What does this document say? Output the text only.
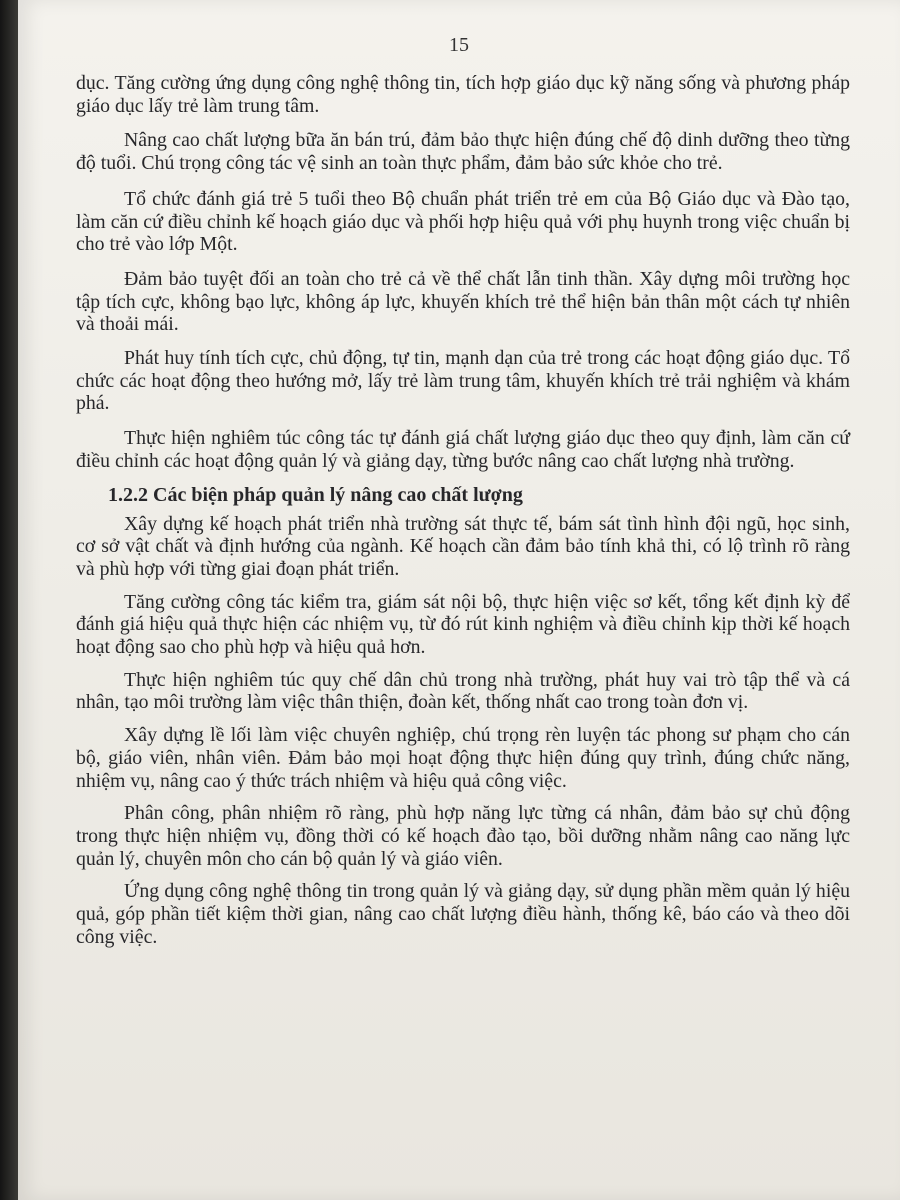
15

dục. Tăng cường ứng dụng công nghệ thông tin, tích hợp giáo dục kỹ năng sống và phương pháp giáo dục lấy trẻ làm trung tâm.

Nâng cao chất lượng bữa ăn bán trú, đảm bảo thực hiện đúng chế độ dinh dưỡng theo từng độ tuổi. Chú trọng công tác vệ sinh an toàn thực phẩm, đảm bảo sức khỏe cho trẻ.

Tổ chức đánh giá trẻ 5 tuổi theo Bộ chuẩn phát triển trẻ em của Bộ Giáo dục và Đào tạo, làm căn cứ điều chỉnh kế hoạch giáo dục và phối hợp hiệu quả với phụ huynh trong việc chuẩn bị cho trẻ vào lớp Một.

Đảm bảo tuyệt đối an toàn cho trẻ cả về thể chất lẫn tinh thần. Xây dựng môi trường học tập tích cực, không bạo lực, không áp lực, khuyến khích trẻ thể hiện bản thân một cách tự nhiên và thoải mái.

Phát huy tính tích cực, chủ động, tự tin, mạnh dạn của trẻ trong các hoạt động giáo dục. Tổ chức các hoạt động theo hướng mở, lấy trẻ làm trung tâm, khuyến khích trẻ trải nghiệm và khám phá.

Thực hiện nghiêm túc công tác tự đánh giá chất lượng giáo dục theo quy định, làm căn cứ điều chỉnh các hoạt động quản lý và giảng dạy, từng bước nâng cao chất lượng nhà trường.

1.2.2 Các biện pháp quản lý nâng cao chất lượng

Xây dựng kế hoạch phát triển nhà trường sát thực tế, bám sát tình hình đội ngũ, học sinh, cơ sở vật chất và định hướng của ngành. Kế hoạch cần đảm bảo tính khả thi, có lộ trình rõ ràng và phù hợp với từng giai đoạn phát triển.

Tăng cường công tác kiểm tra, giám sát nội bộ, thực hiện việc sơ kết, tổng kết định kỳ để đánh giá hiệu quả thực hiện các nhiệm vụ, từ đó rút kinh nghiệm và điều chỉnh kịp thời kế hoạch hoạt động sao cho phù hợp và hiệu quả hơn.

Thực hiện nghiêm túc quy chế dân chủ trong nhà trường, phát huy vai trò tập thể và cá nhân, tạo môi trường làm việc thân thiện, đoàn kết, thống nhất cao trong toàn đơn vị.

Xây dựng lề lối làm việc chuyên nghiệp, chú trọng rèn luyện tác phong sư phạm cho cán bộ, giáo viên, nhân viên. Đảm bảo mọi hoạt động thực hiện đúng quy trình, đúng chức năng, nhiệm vụ, nâng cao ý thức trách nhiệm và hiệu quả công việc.

Phân công, phân nhiệm rõ ràng, phù hợp năng lực từng cá nhân, đảm bảo sự chủ động trong thực hiện nhiệm vụ, đồng thời có kế hoạch đào tạo, bồi dưỡng nhằm nâng cao năng lực quản lý, chuyên môn cho cán bộ quản lý và giáo viên.

Ứng dụng công nghệ thông tin trong quản lý và giảng dạy, sử dụng phần mềm quản lý hiệu quả, góp phần tiết kiệm thời gian, nâng cao chất lượng điều hành, thống kê, báo cáo và theo dõi công việc.
